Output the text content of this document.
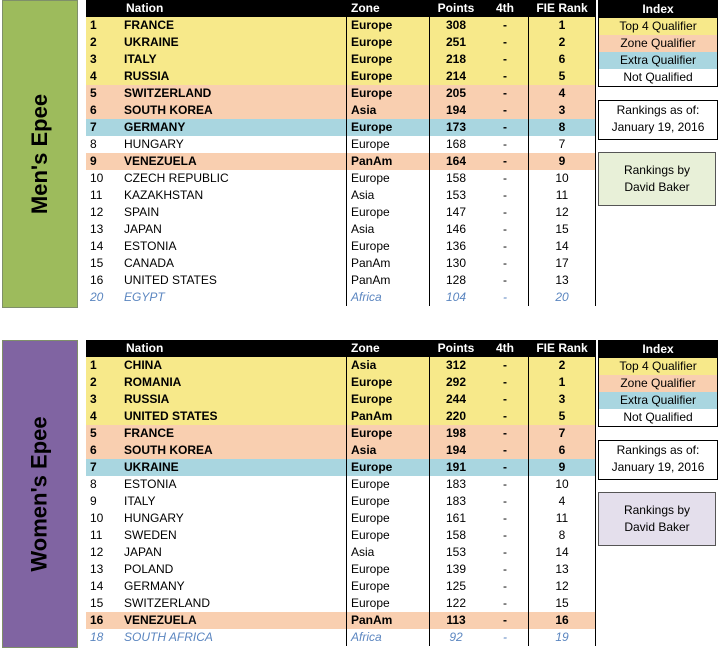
Men's Epee
	Nation	Zone	Points	4th	FIE Rank
1	FRANCE	Europe	308	-	1
2	UKRAINE	Europe	251	-	2
3	ITALY	Europe	218	-	6
4	RUSSIA	Europe	214	-	5
5	SWITZERLAND	Europe	205	-	4
6	SOUTH KOREA	Asia	194	-	3
7	GERMANY	Europe	173	-	8
8	HUNGARY	Europe	168	-	7
9	VENEZUELA	PanAm	164	-	9
10	CZECH REPUBLIC	Europe	158	-	10
11	KAZAKHSTAN	Asia	153	-	11
12	SPAIN	Europe	147	-	12
13	JAPAN	Asia	146	-	15
14	ESTONIA	Europe	136	-	14
15	CANADA	PanAm	130	-	17
16	UNITED STATES	PanAm	128	-	13
20	EGYPT	Africa	104	-	20
Index
Top 4 Qualifier
Zone Qualifier
Extra Qualifier
Not Qualified
Rankings as of:
January 19, 2016
Rankings by David Baker
Women's Epee
	Nation	Zone	Points	4th	FIE Rank
1	CHINA	Asia	312	-	2
2	ROMANIA	Europe	292	-	1
3	RUSSIA	Europe	244	-	3
4	UNITED STATES	PanAm	220	-	5
5	FRANCE	Europe	198	-	7
6	SOUTH KOREA	Asia	194	-	6
7	UKRAINE	Europe	191	-	9
8	ESTONIA	Europe	183	-	10
9	ITALY	Europe	183	-	4
10	HUNGARY	Europe	161	-	11
11	SWEDEN	Europe	158	-	8
12	JAPAN	Asia	153	-	14
13	POLAND	Europe	139	-	13
14	GERMANY	Europe	125	-	12
15	SWITZERLAND	Europe	122	-	15
16	VENEZUELA	PanAm	113	-	16
18	SOUTH AFRICA	Africa	92	-	19
Index
Top 4 Qualifier
Zone Qualifier
Extra Qualifier
Not Qualified
Rankings as of:
January 19, 2016
Rankings by David Baker
